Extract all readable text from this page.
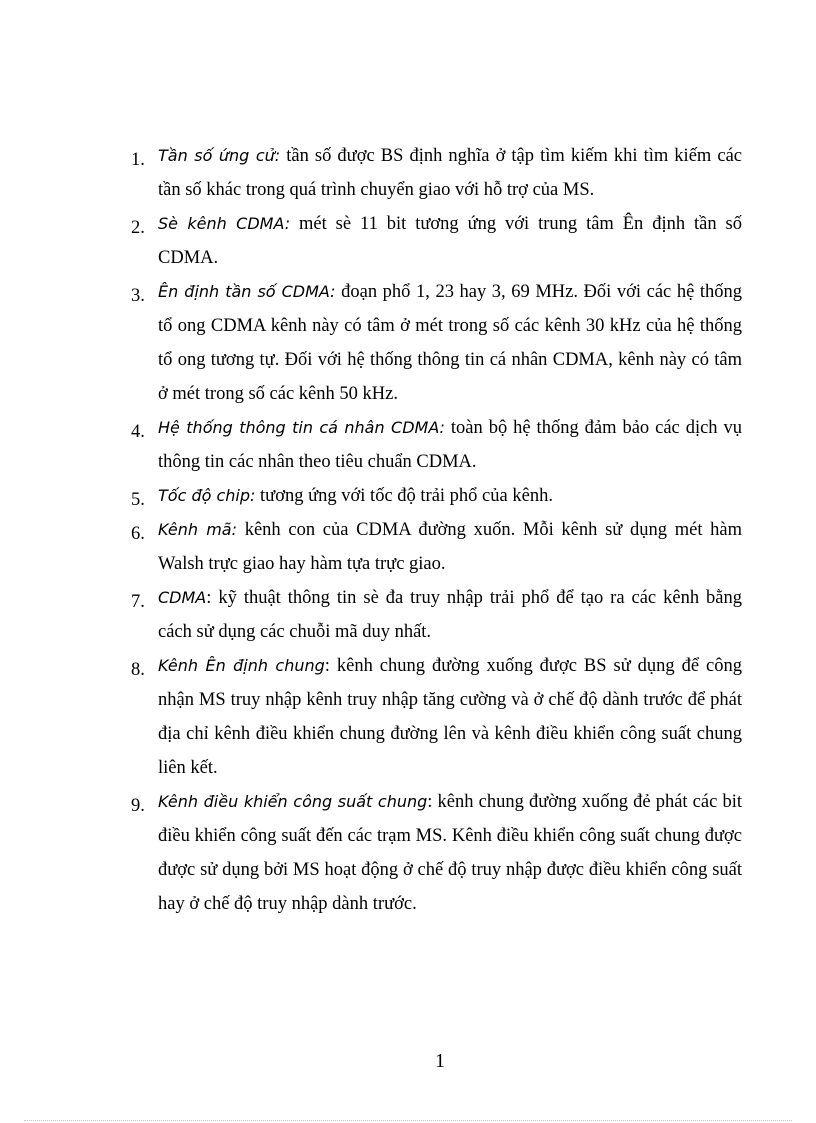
1. Tần số ứng cử: tần số được BS định nghĩa ở tập tìm kiếm khi tìm kiếm các tần số khác trong quá trình chuyển giao với hỗ trợ của MS.
2. Sè kênh CDMA: mét sè 11 bit tương ứng với trung tâm Ên định tần số CDMA.
3. Ên định tần số CDMA: đoạn phổ 1, 23 hay 3, 69 MHz. Đối với các hệ thống tổ ong CDMA kênh này có tâm ở mét trong số các kênh 30 kHz của hệ thống tổ ong tương tự. Đối với hệ thống thông tin cá nhân CDMA, kênh này có tâm ở mét trong số các kênh 50 kHz.
4. Hệ thống thông tin cá nhân CDMA: toàn bộ hệ thống đảm bảo các dịch vụ thông tin các nhân theo tiêu chuẩn CDMA.
5. Tốc độ chip: tương ứng với tốc độ trải phổ của kênh.
6. Kênh mã: kênh con của CDMA đường xuốn. Mỗi kênh sử dụng mét hàm Walsh trực giao hay hàm tựa trực giao.
7. CDMA: kỹ thuật thông tin sè đa truy nhập trải phổ để tạo ra các kênh bằng cách sử dụng các chuỗi mã duy nhất.
8. Kênh Ên định chung: kênh chung đường xuống được BS sử dụng để công nhận MS truy nhập kênh truy nhập tăng cường và ở chế độ dành trước để phát địa chỉ kênh điều khiển chung đường lên và kênh điều khiển công suất chung liên kết.
9. Kênh điều khiển công suất chung: kênh chung đường xuống đẻ phát các bit điều khiển công suất đến các trạm MS. Kênh điều khiển công suất chung được được sử dụng bởi MS hoạt động ở chế độ truy nhập được điều khiển công suất hay ở chế độ truy nhập dành trước.
1
